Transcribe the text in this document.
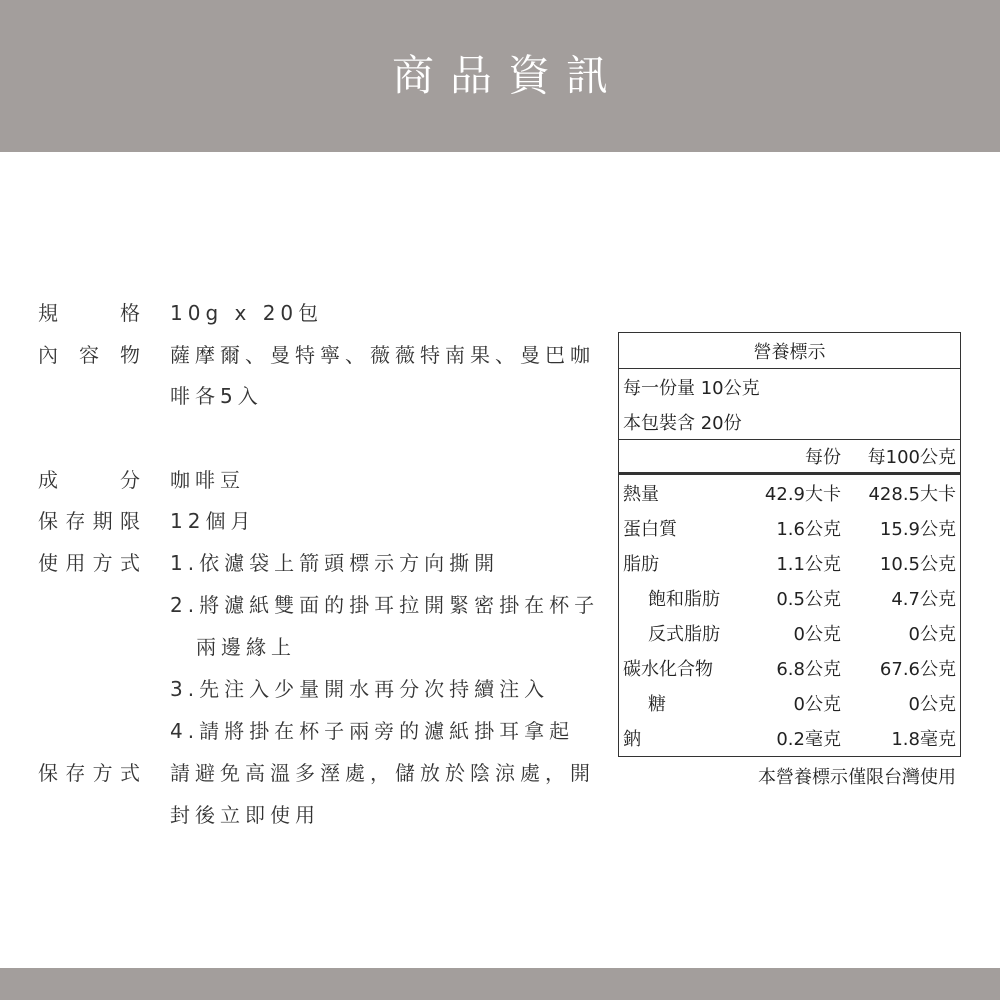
商品資訊
規　　格 10g x 20包
內 容 物 薩摩爾、曼特寧、薇薇特南果、曼巴咖
啡各5入
成　　分 咖啡豆
保存期限 12個月
使用方式 1.依濾袋上箭頭標示方向撕開
2.將濾紙雙面的掛耳拉開緊密掛在杯子
兩邊緣上
3.先注入少量開水再分次持續注入
4.請將掛在杯子兩旁的濾紙掛耳拿起
保存方式 請避免高溫多溼處，儲放於陰涼處，開
封後立即使用
營養標示
每一份量 10公克
本包裝含 20份
每份	每100公克
熱量	42.9大卡	428.5大卡
蛋白質	1.6公克	15.9公克
脂肪	1.1公克	10.5公克
飽和脂肪	0.5公克	4.7公克
反式脂肪	0公克	0公克
碳水化合物	6.8公克	67.6公克
糖	0公克	0公克
鈉	0.2毫克	1.8毫克
本營養標示僅限台灣使用
